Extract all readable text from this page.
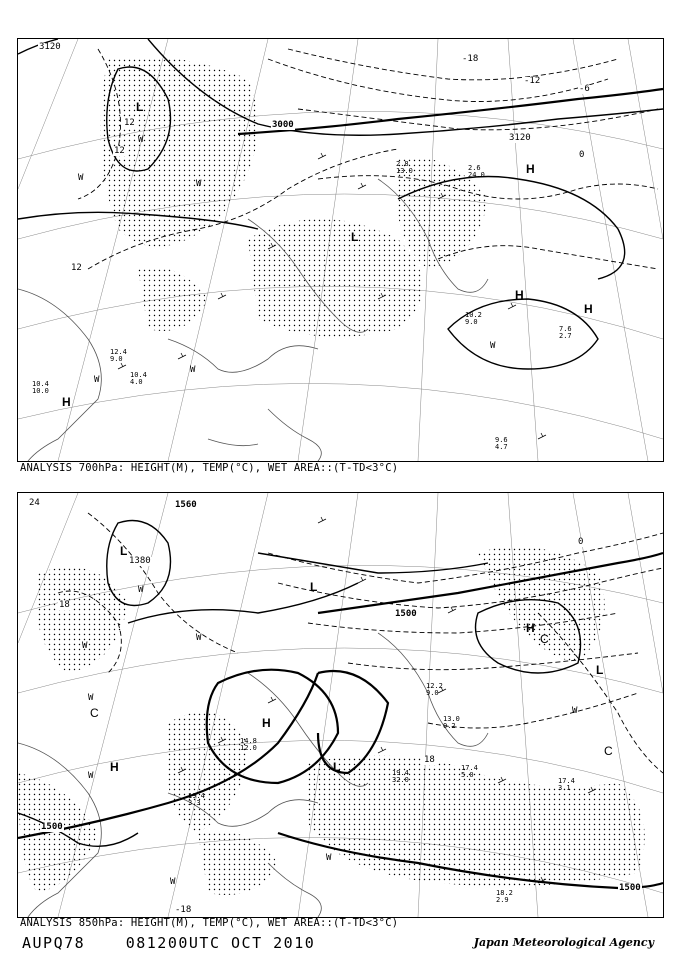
3120
3000
3120
12
12
12
-18
-12
-6
0
L
L
H
H
H
H
W
W
W
W
W
W
10.2
9.0
7.6
2.7
9.6
4.7
10.4
10.0
12.4
9.0
10.4
4.0
2.8
13.0	2.6
24.0
ANALYSIS 700hPa: HEIGHT(M), TEMP(°C), WET AREA::(T-TD<3°C)
1560
1380
1500
1500
1500
24
18
18
-18
0
L
L
L
L
H
H
H
C
C
C
W
W
W
W
W
W
W
W
17.4
5.0
19.4
32.0
18.2
2.9
17.4
3.1
12.2
9.0
13.0
0.2
14.8
12.0
19.4
3.3
ANALYSIS 850hPa: HEIGHT(M), TEMP(°C), WET AREA::(T-TD<3°C)
AUPQ78	081200UTC OCT 2010	Japan Meteorological Agency
